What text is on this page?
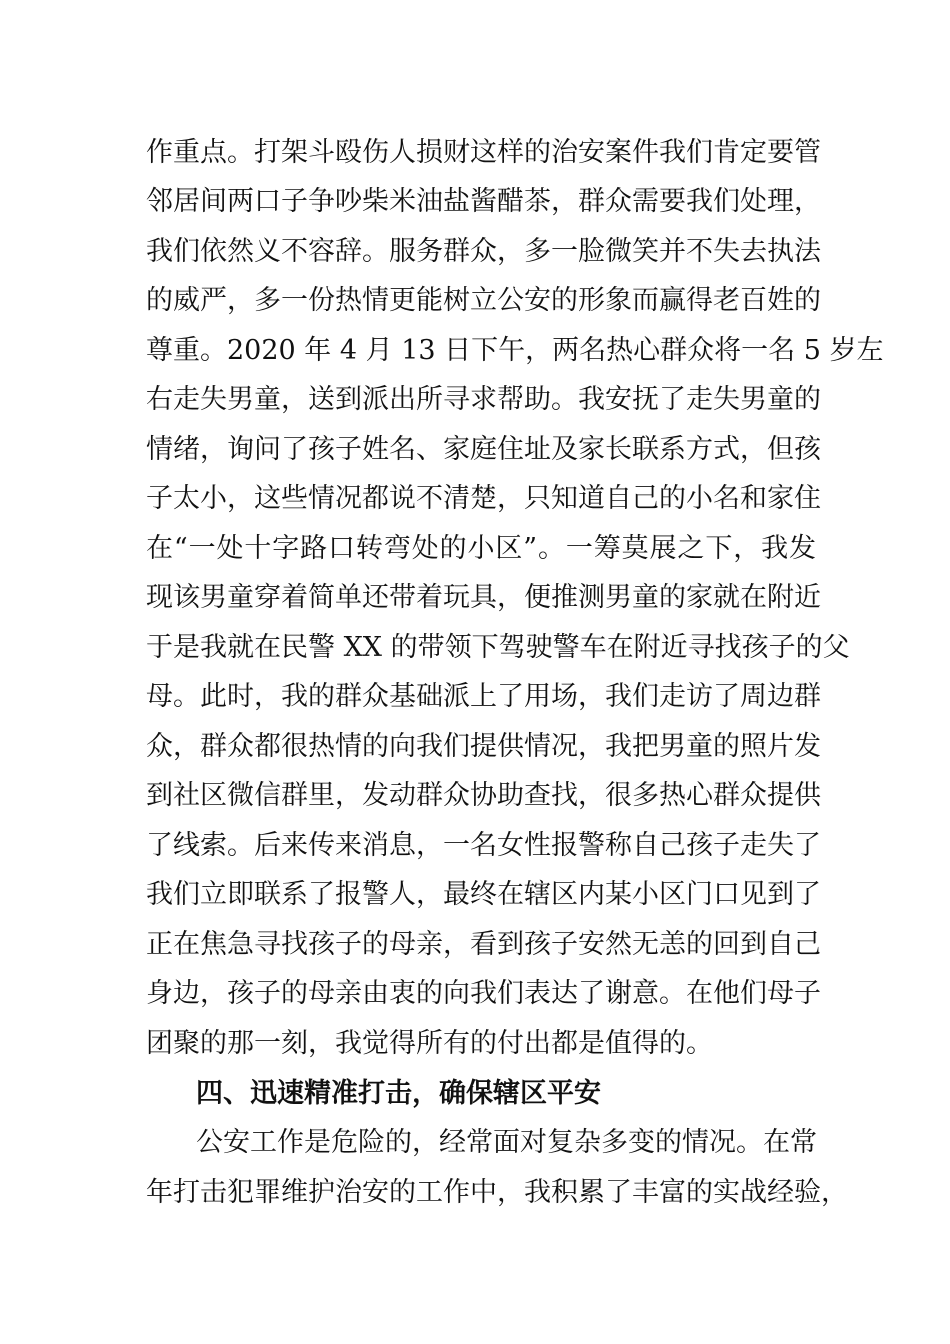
作重点。打架斗殴伤人损财这样的治安案件我们肯定要管
邻居间两口子争吵柴米油盐酱醋茶，群众需要我们处理，
我们依然义不容辞。服务群众，多一脸微笑并不失去执法
的威严，多一份热情更能树立公安的形象而赢得老百姓的
尊重。2020 年 4 月 13 日下午，两名热心群众将一名 5 岁左
右走失男童，送到派出所寻求帮助。我安抚了走失男童的
情绪，询问了孩子姓名、家庭住址及家长联系方式，但孩
子太小，这些情况都说不清楚，只知道自己的小名和家住
在“一处十字路口转弯处的小区”。一筹莫展之下，我发
现该男童穿着简单还带着玩具，便推测男童的家就在附近
于是我就在民警 XX 的带领下驾驶警车在附近寻找孩子的父
母。此时，我的群众基础派上了用场，我们走访了周边群
众，群众都很热情的向我们提供情况，我把男童的照片发
到社区微信群里，发动群众协助查找，很多热心群众提供
了线索。后来传来消息，一名女性报警称自己孩子走失了
我们立即联系了报警人，最终在辖区内某小区门口见到了
正在焦急寻找孩子的母亲，看到孩子安然无恙的回到自己
身边，孩子的母亲由衷的向我们表达了谢意。在他们母子
团聚的那一刻，我觉得所有的付出都是值得的。
四、迅速精准打击，确保辖区平安
公安工作是危险的，经常面对复杂多变的情况。在常
年打击犯罪维护治安的工作中，我积累了丰富的实战经验，
